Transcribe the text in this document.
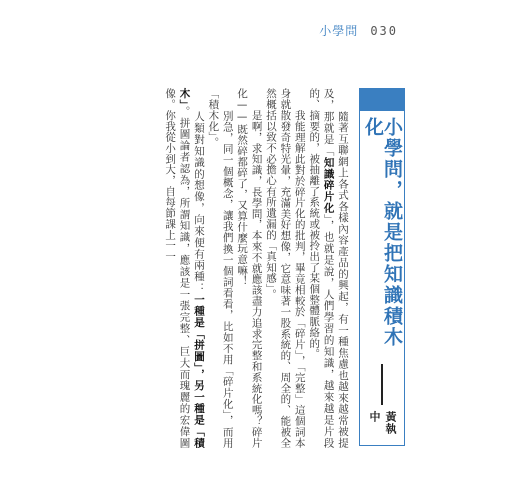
小學問 030
小學問，就是把知識積木化
黃執中

　　隨著互聯網上各式各樣內容產品的興起，有一種焦慮也越來越常被提及，那就是「知識碎片化」，也就是說，人們學習的知識，越來越是片段的、摘要的，被抽離了系統或被拎出了某個整體脈絡的。

　　我能理解此對於碎片化的批判，畢竟相較於「碎片」，「完整」這個詞本身就散發奇特光暈，充滿美好想像，它意味著一股系統的、周全的、能被全然概括以致不必擔心有所遺漏的「真知感」。

　　是啊，求知識，長學問，本來不就應該盡力追求完整和系統化嗎？碎片化——既然碎都碎了，又算什麼玩意嘛！

　　別急，同一個概念，讓我們換一個詞看看，比如不用「碎片化」，而用「積木化」。

　　人類對知識的想像，向來便有兩種：一種是「拼圖」，另一種是「積木」。拼圖論者認為，所謂知識，應該是一張完整、巨大而瑰麗的宏偉圖像。你我從小到大，自每節課上一一
